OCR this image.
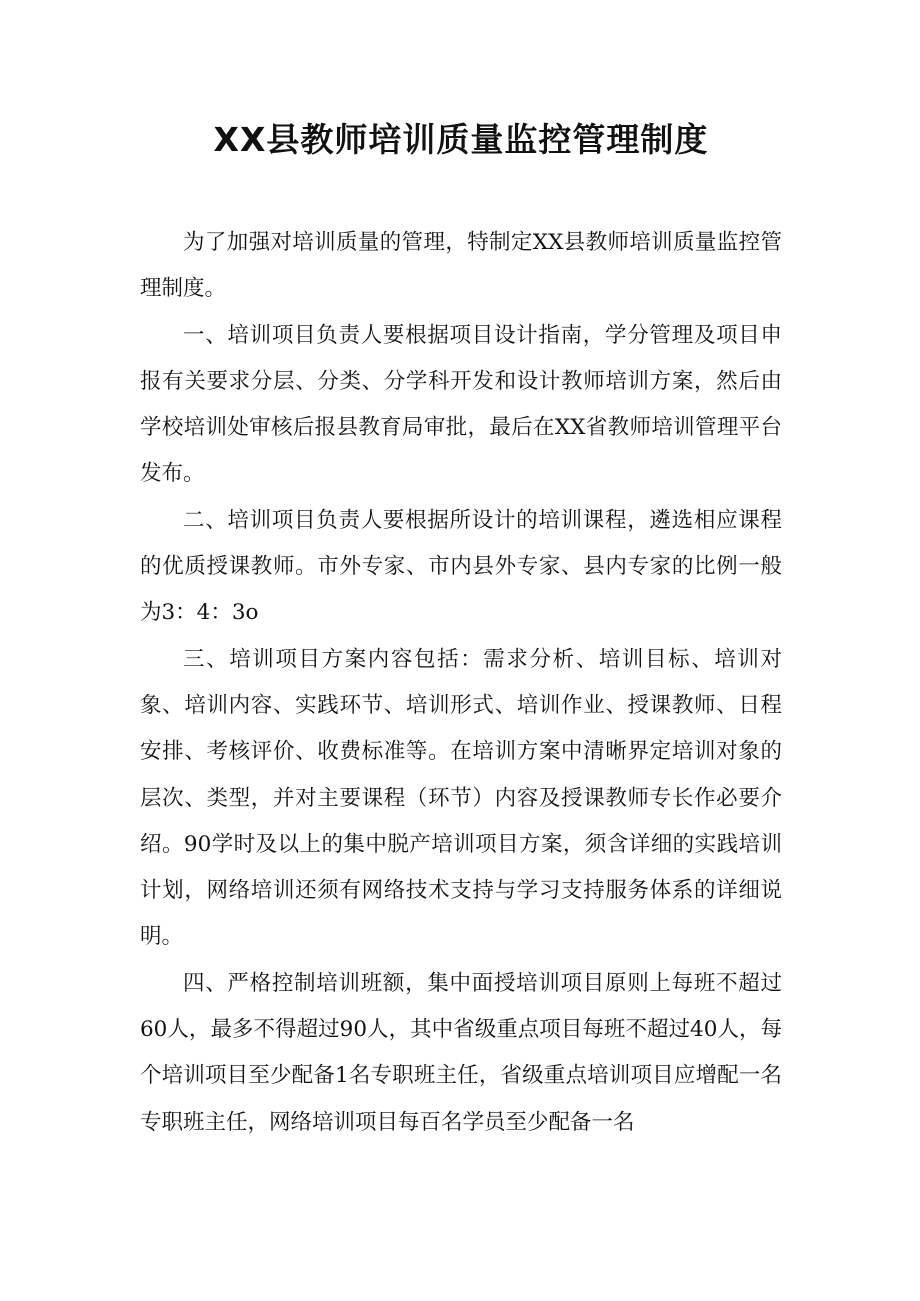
XX县教师培训质量监控管理制度

为了加强对培训质量的管理，特制定XX县教师培训质量监控管理制度。

一、培训项目负责人要根据项目设计指南，学分管理及项目申报有关要求分层、分类、分学科开发和设计教师培训方案，然后由学校培训处审核后报县教育局审批，最后在XX省教师培训管理平台发布。

二、培训项目负责人要根据所设计的培训课程，遴选相应课程的优质授课教师。市外专家、市内县外专家、县内专家的比例一般为3：4：3o

三、培训项目方案内容包括：需求分析、培训目标、培训对象、培训内容、实践环节、培训形式、培训作业、授课教师、日程安排、考核评价、收费标准等。在培训方案中清晰界定培训对象的层次、类型，并对主要课程（环节）内容及授课教师专长作必要介绍。90学时及以上的集中脱产培训项目方案，须含详细的实践培训计划，网络培训还须有网络技术支持与学习支持服务体系的详细说明。

四、严格控制培训班额，集中面授培训项目原则上每班不超过60人，最多不得超过90人，其中省级重点项目每班不超过40人，每个培训项目至少配备1名专职班主任，省级重点培训项目应增配一名专职班主任，网络培训项目每百名学员至少配备一名
